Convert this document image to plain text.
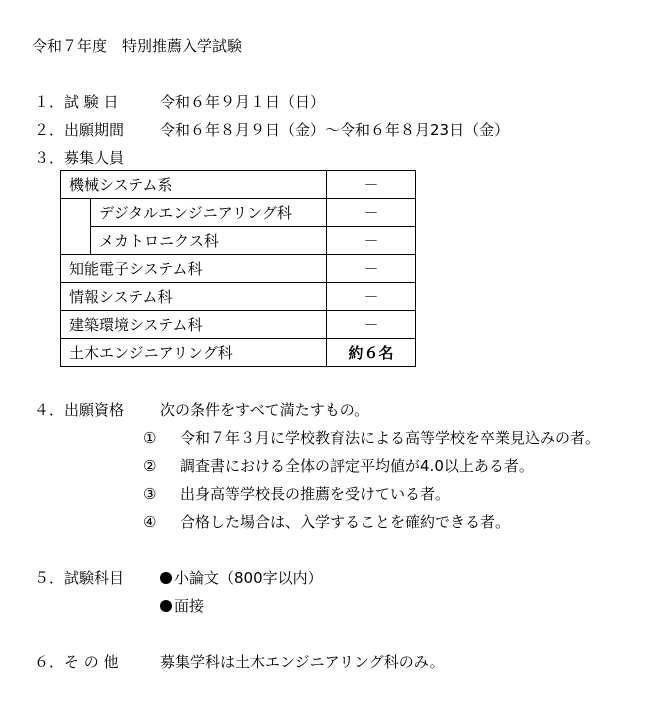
令和７年度　特別推薦入学試験
１． 試 験 日	令和６年９月１日（日）
２． 出願期間 令和６年８月９日（金）～令和６年８月23日（金）
３． 募集人員
機械システム系		－
	デジタルエンジニアリング科	－
	メカトロニクス科	－
知能電子システム科		－
情報システム科		－
建築環境システム科		－
土木エンジニアリング科		約６名
４． 出願資格 次の条件をすべて満たすもの。
① 令和７年３月に学校教育法による高等学校を卒業見込みの者。
② 調査書における全体の評定平均値が4.0以上ある者。
③ 出身高等学校長の推薦を受けている者。
④ 合格した場合は、入学することを確約できる者。
５． 試験科目	小論文（800字以内）
面接
６． そ の 他	募集学科は土木エンジニアリング科のみ。
